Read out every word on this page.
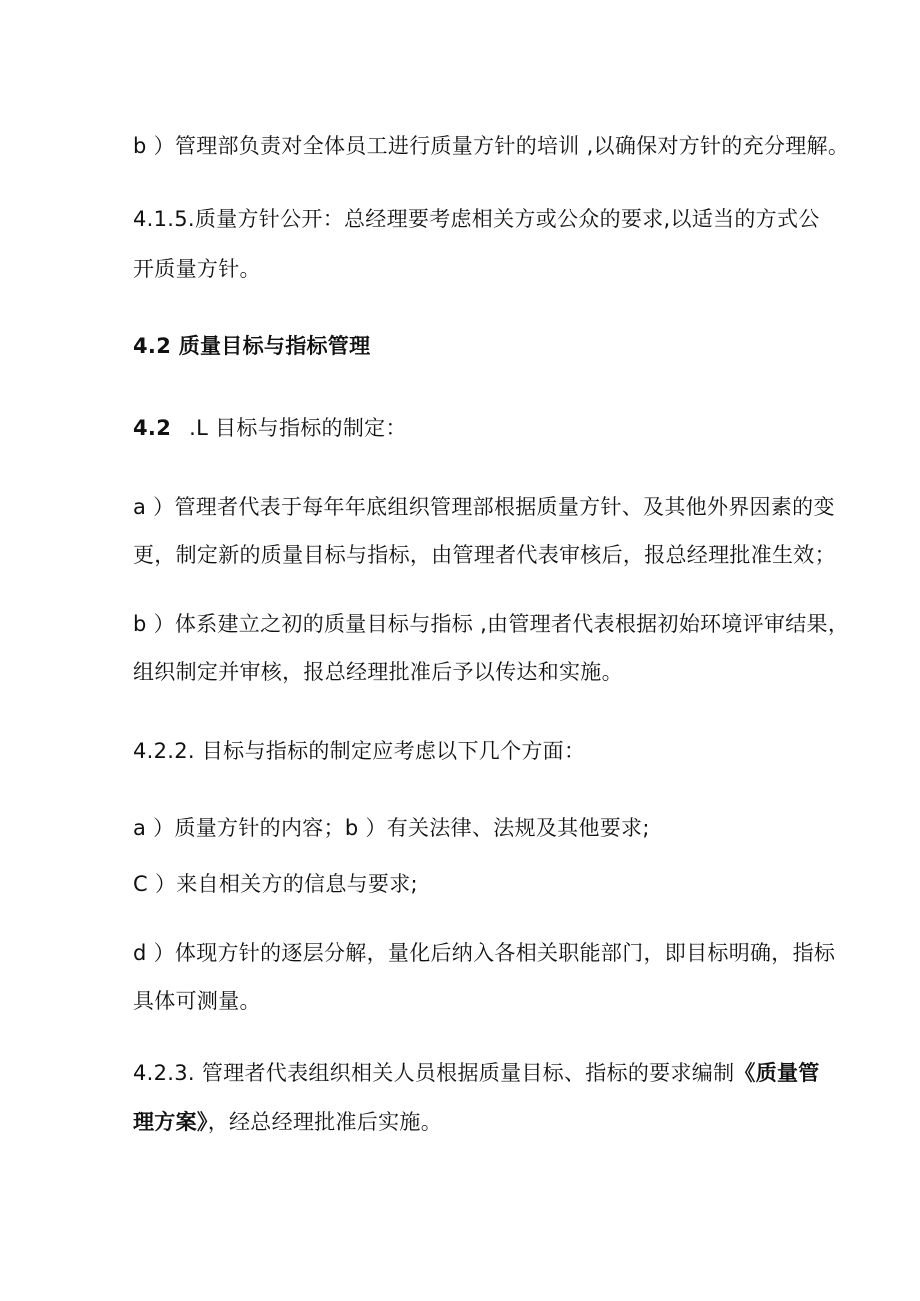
b ）管理部负责对全体员工进行质量方针的培训 ,以确保对方针的充分理解。
4.1.5.质量方针公开：总经理要考虑相关方或公众的要求,以适当的方式公
开质量方针。
4.2 质量目标与指标管理
4.2 .L 目标与指标的制定：
a ）管理者代表于每年年底组织管理部根据质量方针、及其他外界因素的变
更，制定新的质量目标与指标，由管理者代表审核后，报总经理批准生效；
b ）体系建立之初的质量目标与指标 ,由管理者代表根据初始环境评审结果，
组织制定并审核，报总经理批准后予以传达和实施。
4.2.2. 目标与指标的制定应考虑以下几个方面：
a ）质量方针的内容；b ）有关法律、法规及其他要求;
C ）来自相关方的信息与要求;
d ）体现方针的逐层分解，量化后纳入各相关职能部门，即目标明确，指标
具体可测量。
4.2.3. 管理者代表组织相关人员根据质量目标、指标的要求编制《质量管
理方案》，经总经理批准后实施。
